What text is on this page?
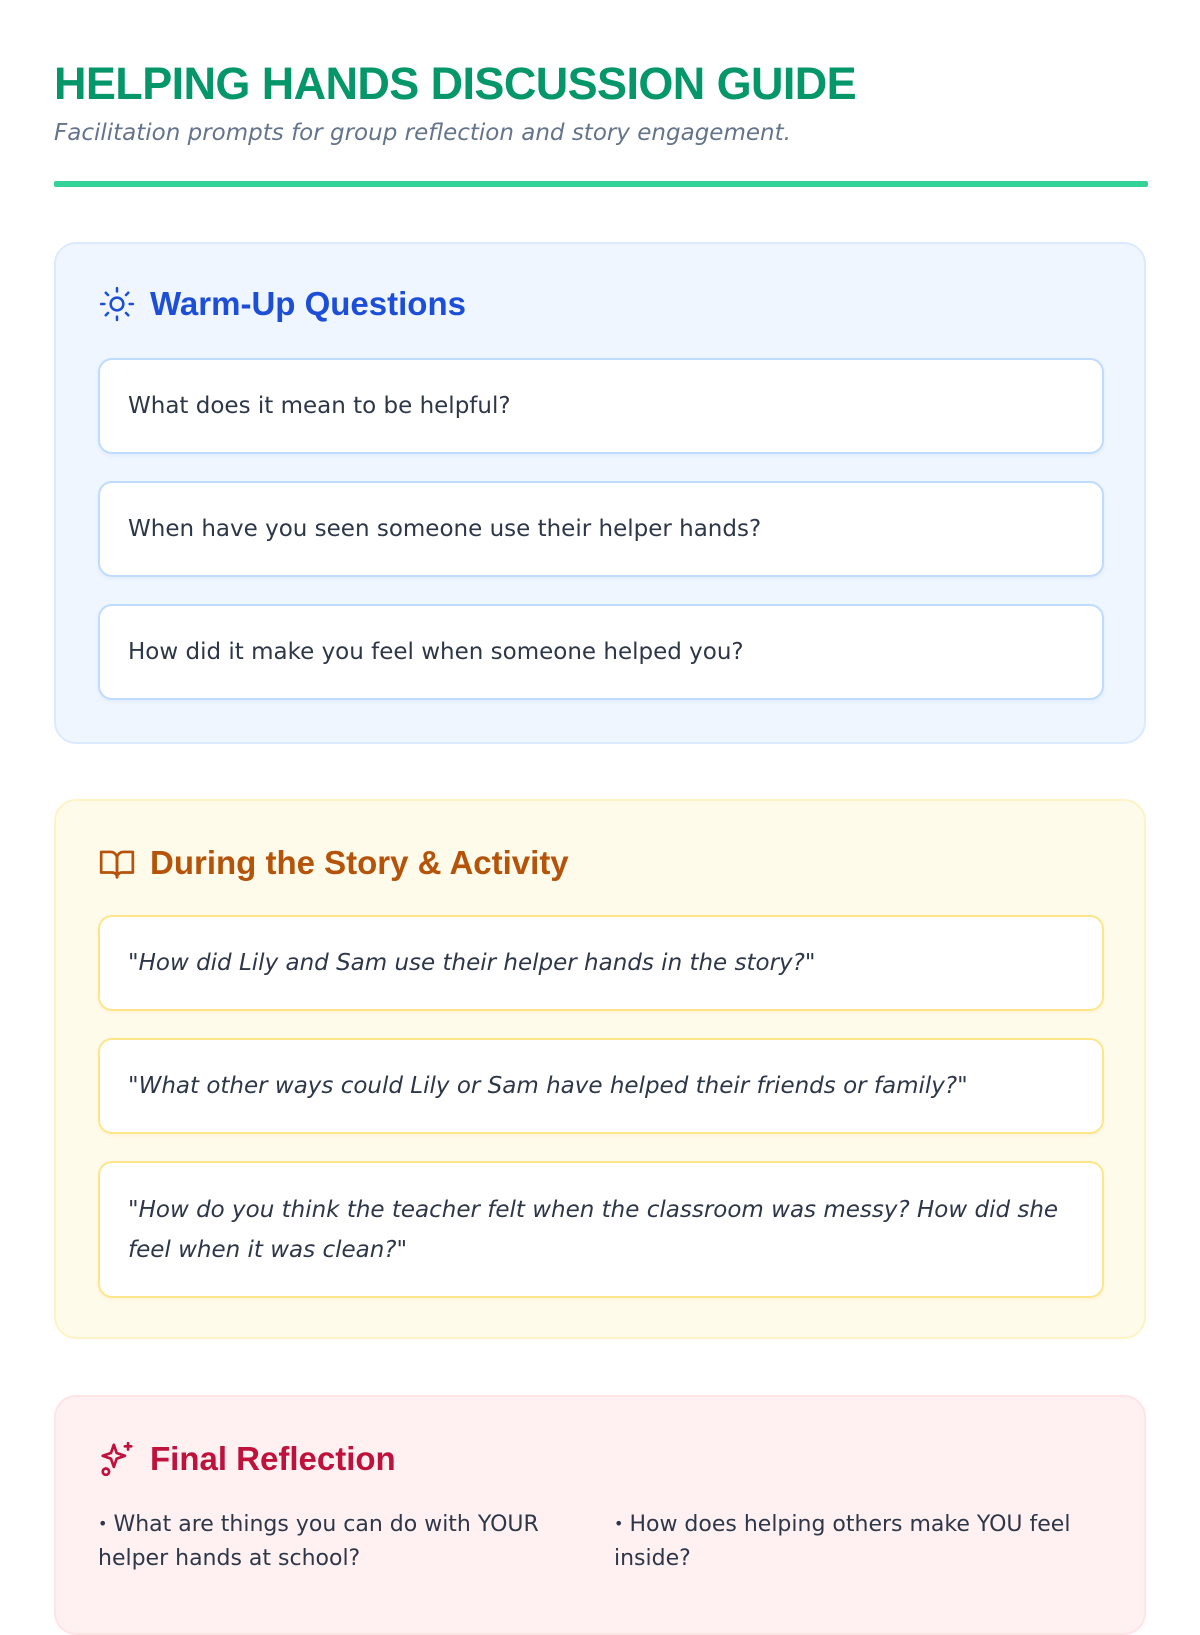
HELPING HANDS DISCUSSION GUIDE

Facilitation prompts for group reflection and story engagement.

Warm-Up Questions
What does it mean to be helpful?
When have you seen someone use their helper hands?
How did it make you feel when someone helped you?
During the Story & Activity
"How did Lily and Sam use their helper hands in the story?"
"What other ways could Lily or Sam have helped their friends or family?"
"How do you think the teacher felt when the classroom was messy? How did she feel when it was clean?"
Final Reflection
• What are things you can do with YOUR helper hands at school?
• How does helping others make YOU feel inside?
